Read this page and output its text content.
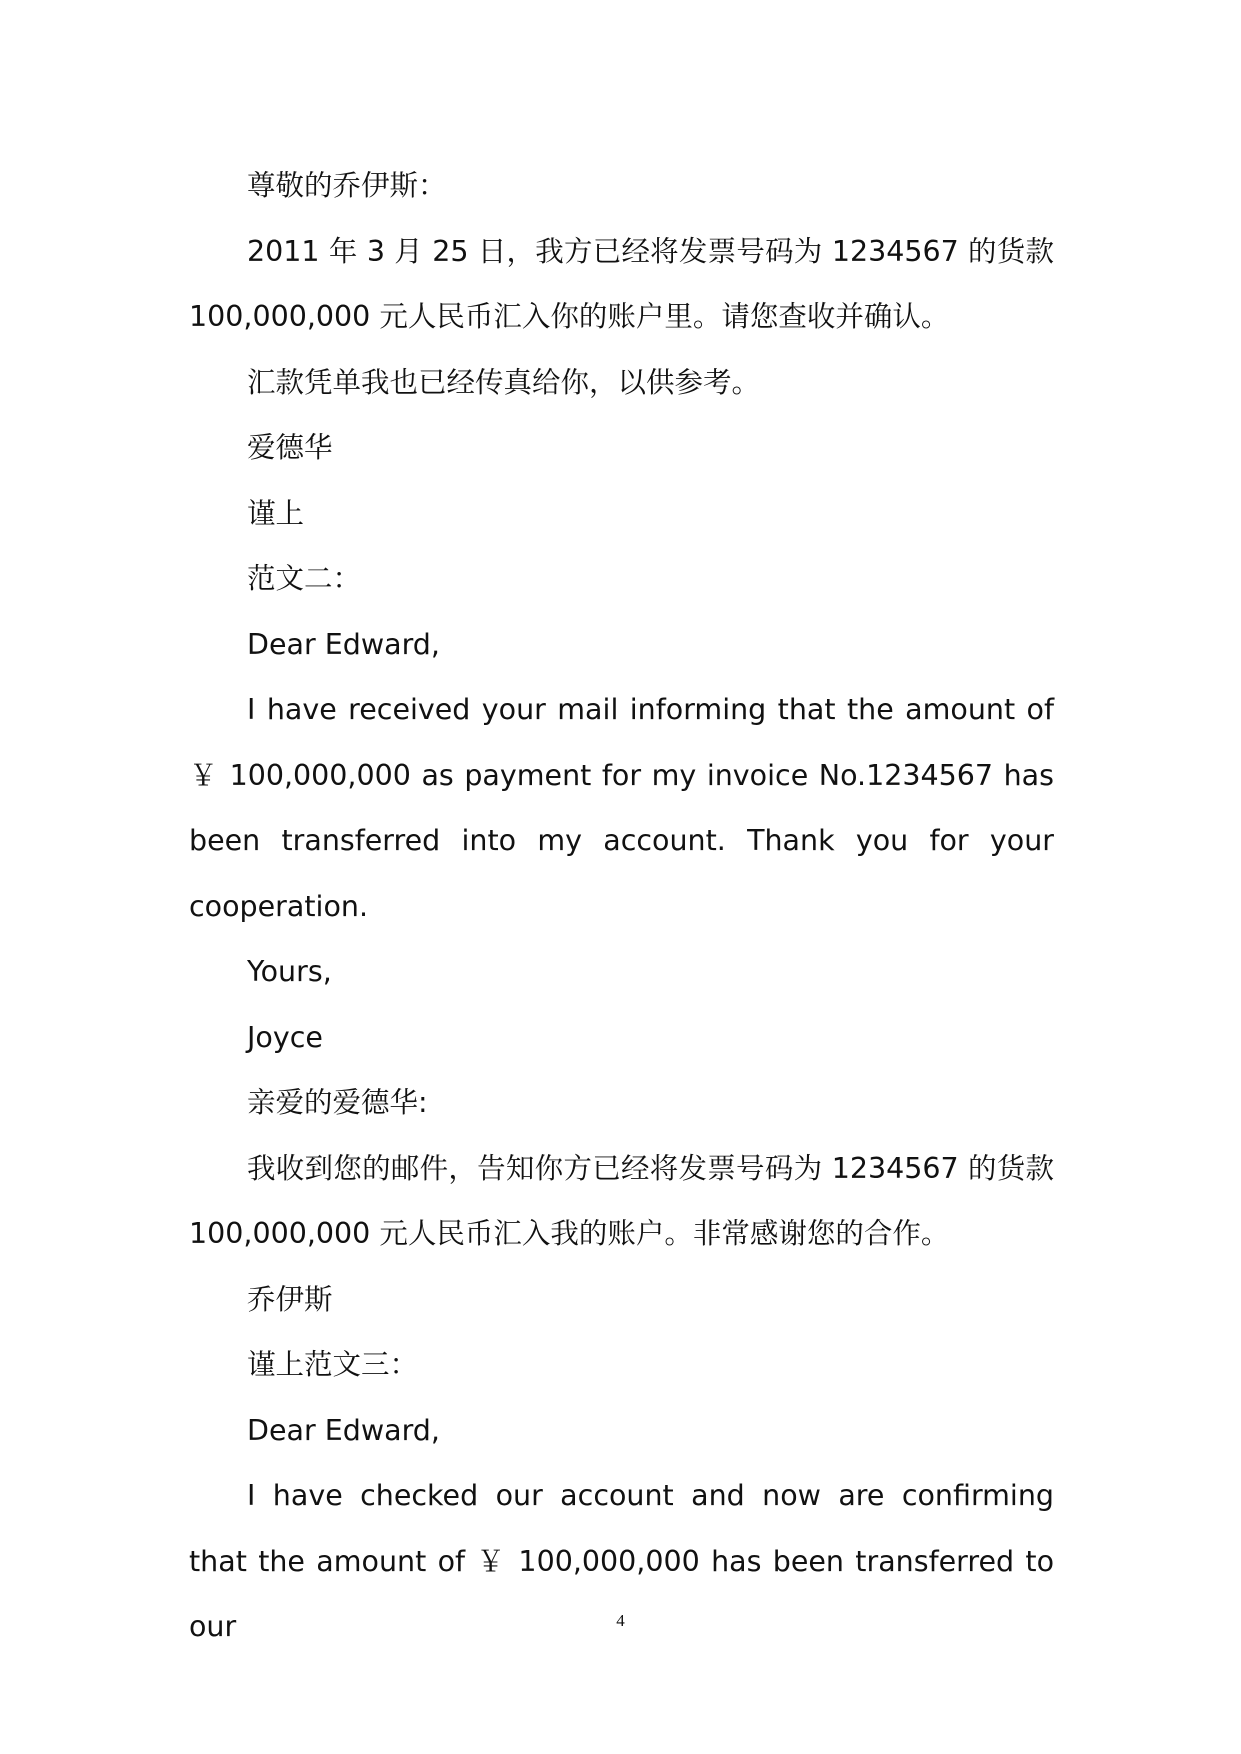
尊敬的乔伊斯：

2011 年 3 月 25 日，我方已经将发票号码为 1234567 的货款100,000,000 元人民币汇入你的账户里。请您查收并确认。

汇款凭单我也已经传真给你，以供参考。

爱德华

谨上

范文二：

Dear Edward,

I have received your mail informing that the amount of ￥ 100,000,000 as payment for my invoice No.1234567 has been transferred into my account. Thank you for your cooperation.

Yours,

Joyce

亲爱的爱德华:

我收到您的邮件，告知你方已经将发票号码为 1234567 的货款100,000,000 元人民币汇入我的账户。非常感谢您的合作。

乔伊斯

谨上范文三：

Dear Edward,

I have checked our account and now are confirming that the amount of ￥ 100,000,000 has been transferred to our	4
